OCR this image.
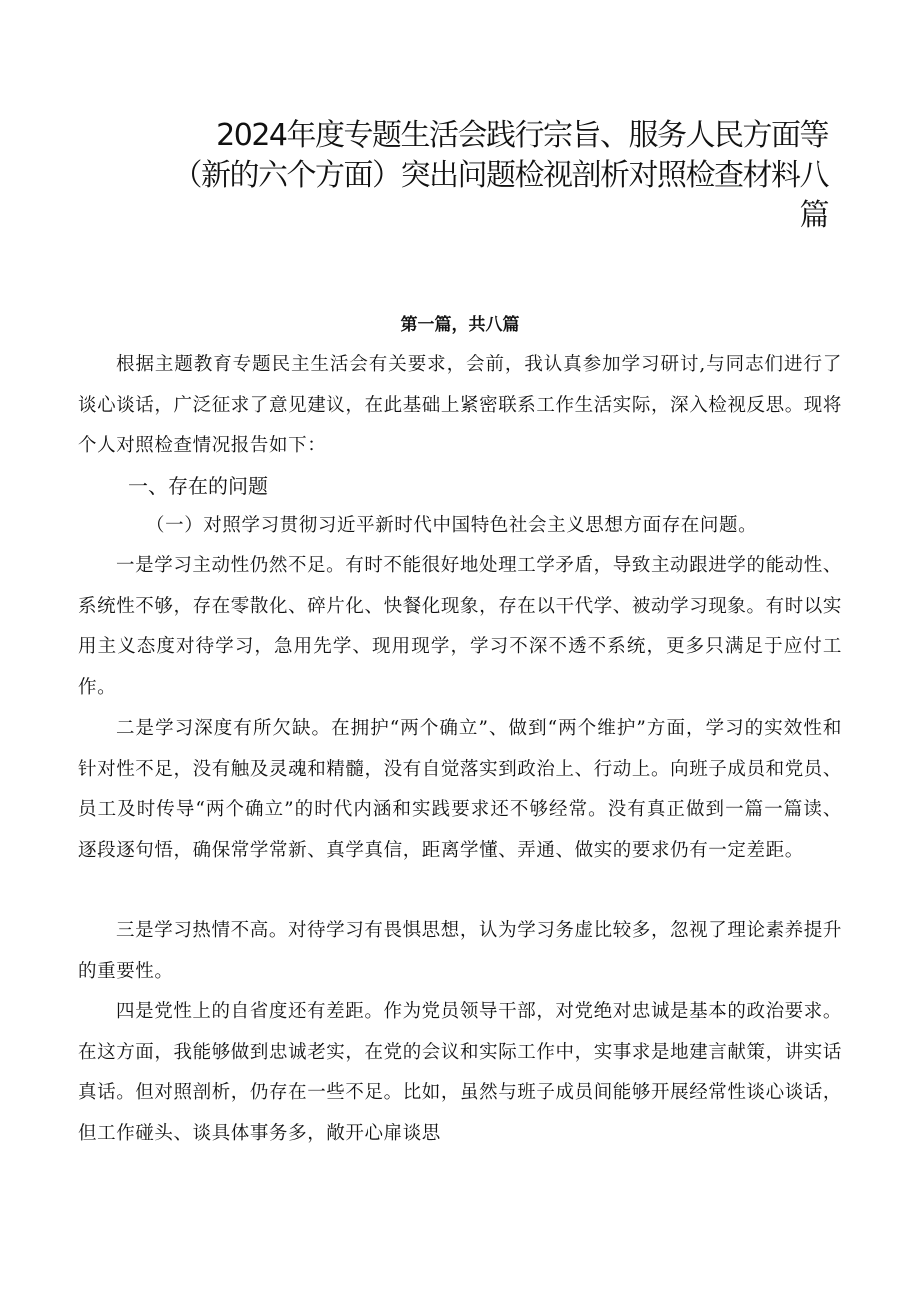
2024年度专题生活会践行宗旨、服务人民方面等
（新的六个方面）突出问题检视剖析对照检查材料八
篇
第一篇，共八篇

根据主题教育专题民主生活会有关要求，会前，我认真参加学习研讨,与同志们进行了谈心谈话，广泛征求了意见建议，在此基础上紧密联系工作生活实际，深入检视反思。现将个人对照检查情况报告如下：

一、存在的问题
（一）对照学习贯彻习近平新时代中国特色社会主义思想方面存在问题。

一是学习主动性仍然不足。有时不能很好地处理工学矛盾，导致主动跟进学的能动性、系统性不够，存在零散化、碎片化、快餐化现象，存在以干代学、被动学习现象。有时以实用主义态度对待学习，急用先学、现用现学，学习不深不透不系统，更多只满足于应付工作。

二是学习深度有所欠缺。在拥护“两个确立”、做到“两个维护”方面，学习的实效性和针对性不足，没有触及灵魂和精髓，没有自觉落实到政治上、行动上。向班子成员和党员、员工及时传导“两个确立”的时代内涵和实践要求还不够经常。没有真正做到一篇一篇读、逐段逐句悟，确保常学常新、真学真信，距离学懂、弄通、做实的要求仍有一定差距。

三是学习热情不高。对待学习有畏惧思想，认为学习务虚比较多，忽视了理论素养提升的重要性。

四是党性上的自省度还有差距。作为党员领导干部，对党绝对忠诚是基本的政治要求。在这方面，我能够做到忠诚老实，在党的会议和实际工作中，实事求是地建言献策，讲实话真话。但对照剖析，仍存在一些不足。比如，虽然与班子成员间能够开展经常性谈心谈话，但工作碰头、谈具体事务多，敞开心扉谈思
